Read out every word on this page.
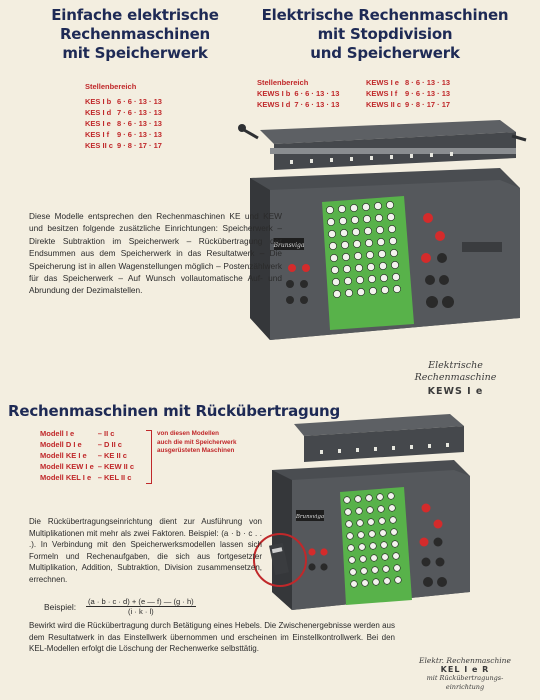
Einfache elektrische
Rechenmaschinen
mit Speicherwerk
Elektrische Rechenmaschinen
mit Stopdivision
und Speicherwerk
Stellenbereich
KES I b	6 · 6 · 13 · 13
KES I d	7 · 6 · 13 · 13
KES I e	8 · 6 · 13 · 13
KES I f	9 · 6 · 13 · 13
KES II c	9 · 8 · 17 · 17
Stellenbereich
KEWS I b	6 · 6 · 13 · 13
KEWS I d	7 · 6 · 13 · 13
KEWS I e	8 · 6 · 13 · 13
KEWS I f	9 · 6 · 13 · 13
KEWS II c	9 · 8 · 17 · 17
Brunsviga
Diese Modelle entsprechen den Rechenmaschinen KE und KEW und besitzen folgende zusätzliche Einrichtungen: Speicherwerk – Direkte Subtraktion im Speicherwerk – Rückübertragung der Endsummen aus dem Speicherwerk in das Resultatwerk – Die Speicherung ist in allen Wagenstellungen möglich – Postenzählwerk für das Speicherwerk – Auf Wunsch vollautomatische Auf- und Abrundung der Dezimalstellen.
Elektrische
Rechenmaschine
KEWS I e
Rechenmaschinen mit Rückübertragung
Modell I e	– II c
Modell D I e	– D II c
Modell KE I e	– KE II c
Modell KEW I e	– KEW II c
Modell KEL I e	– KEL II c
von diesen Modellen
auch die mit Speicherwerk
ausgerüsteten Maschinen
Brunsviga
Die Rückübertragungseinrichtung dient zur Ausführung von Multiplikationen mit mehr als zwei Faktoren. Beispiel: (a · b · c . . .). In Verbindung mit den Speicherwerksmodellen lassen sich Formeln und Rechenaufgaben, die sich aus fortgesetzter Multiplikation, Addition, Subtraktion, Division zusammensetzen, errechnen.
Beispiel: $\frac{(a \cdot b \cdot c \cdot d) + (e — f) — (g \cdot h)}{(i \cdot k \cdot l)}$
Bewirkt wird die Rückübertragung durch Betätigung eines Hebels. Die Zwischenergebnisse werden aus dem Resultatwerk in das Einstellwerk übernommen und erscheinen im Einstellkontrollwerk. Bei den KEL-Modellen erfolgt die Löschung der Rechenwerke selbsttätig.
Elektr. Rechenmaschine
KEL I e R
mit Rückübertragungs-
einrichtung
